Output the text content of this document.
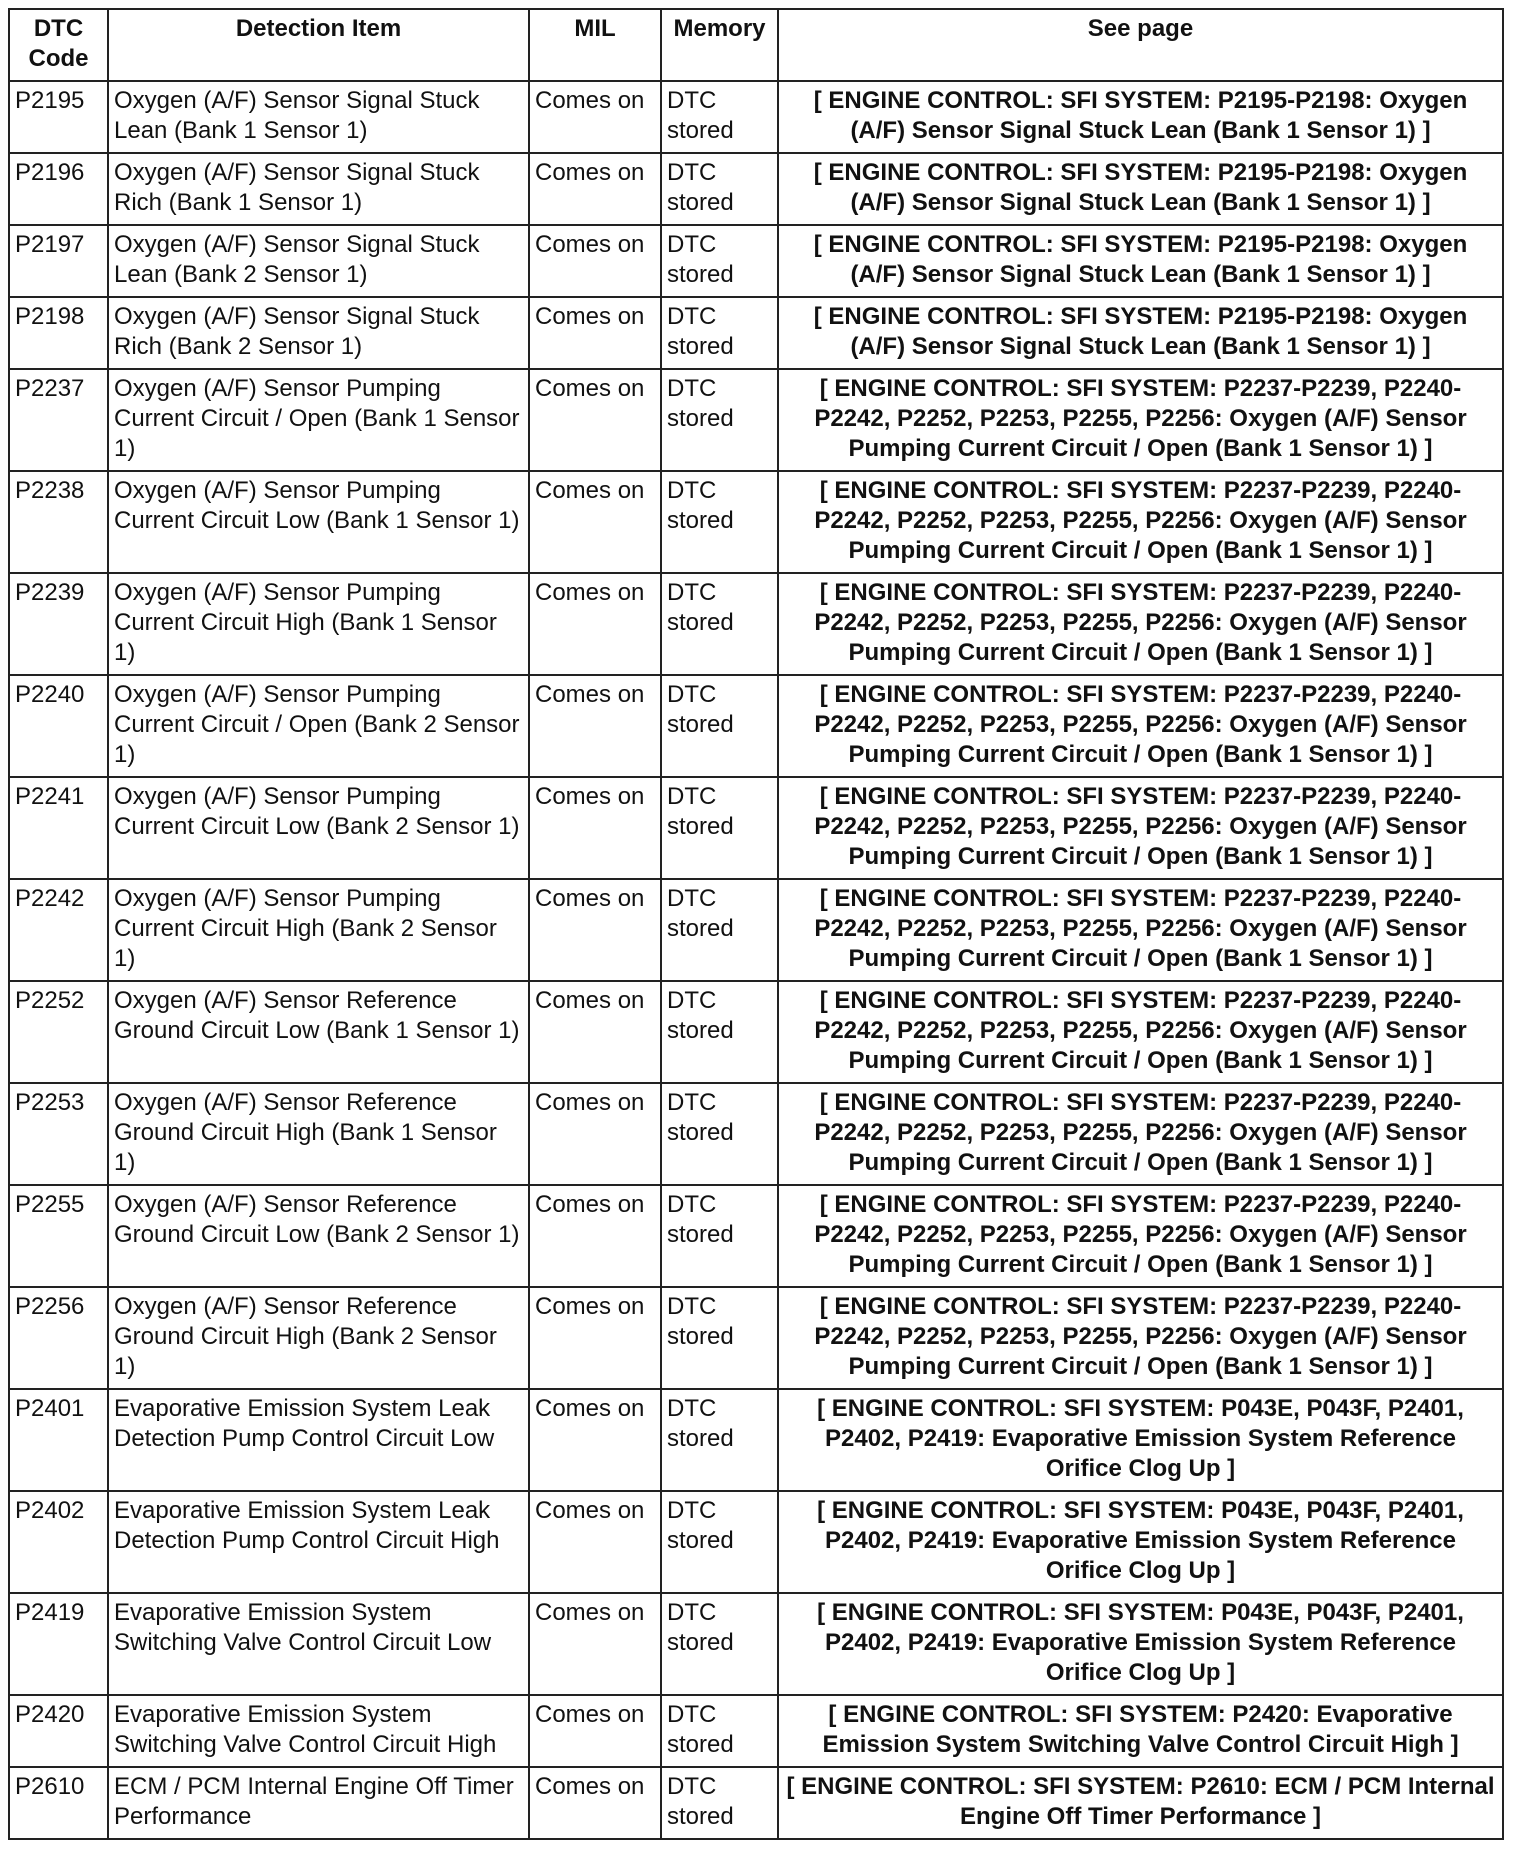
DTC Code	Detection Item	MIL	Memory	See page
P2195	Oxygen (A/F) Sensor Signal Stuck Lean (Bank 1 Sensor 1)	Comes on	DTC stored	[ ENGINE CONTROL: SFI SYSTEM: P2195-P2198: Oxygen (A/F) Sensor Signal Stuck Lean (Bank 1 Sensor 1) ]
P2196	Oxygen (A/F) Sensor Signal Stuck Rich (Bank 1 Sensor 1)	Comes on	DTC stored	[ ENGINE CONTROL: SFI SYSTEM: P2195-P2198: Oxygen (A/F) Sensor Signal Stuck Lean (Bank 1 Sensor 1) ]
P2197	Oxygen (A/F) Sensor Signal Stuck Lean (Bank 2 Sensor 1)	Comes on	DTC stored	[ ENGINE CONTROL: SFI SYSTEM: P2195-P2198: Oxygen (A/F) Sensor Signal Stuck Lean (Bank 1 Sensor 1) ]
P2198	Oxygen (A/F) Sensor Signal Stuck Rich (Bank 2 Sensor 1)	Comes on	DTC stored	[ ENGINE CONTROL: SFI SYSTEM: P2195-P2198: Oxygen (A/F) Sensor Signal Stuck Lean (Bank 1 Sensor 1) ]
P2237	Oxygen (A/F) Sensor Pumping Current Circuit / Open (Bank 1 Sensor 1)	Comes on	DTC stored	[ ENGINE CONTROL: SFI SYSTEM: P2237-P2239, P2240-P2242, P2252, P2253, P2255, P2256: Oxygen (A/F) Sensor Pumping Current Circuit / Open (Bank 1 Sensor 1) ]
P2238	Oxygen (A/F) Sensor Pumping Current Circuit Low (Bank 1 Sensor 1)	Comes on	DTC stored	[ ENGINE CONTROL: SFI SYSTEM: P2237-P2239, P2240-P2242, P2252, P2253, P2255, P2256: Oxygen (A/F) Sensor Pumping Current Circuit / Open (Bank 1 Sensor 1) ]
P2239	Oxygen (A/F) Sensor Pumping Current Circuit High (Bank 1 Sensor 1)	Comes on	DTC stored	[ ENGINE CONTROL: SFI SYSTEM: P2237-P2239, P2240-P2242, P2252, P2253, P2255, P2256: Oxygen (A/F) Sensor Pumping Current Circuit / Open (Bank 1 Sensor 1) ]
P2240	Oxygen (A/F) Sensor Pumping Current Circuit / Open (Bank 2 Sensor 1)	Comes on	DTC stored	[ ENGINE CONTROL: SFI SYSTEM: P2237-P2239, P2240-P2242, P2252, P2253, P2255, P2256: Oxygen (A/F) Sensor Pumping Current Circuit / Open (Bank 1 Sensor 1) ]
P2241	Oxygen (A/F) Sensor Pumping Current Circuit Low (Bank 2 Sensor 1)	Comes on	DTC stored	[ ENGINE CONTROL: SFI SYSTEM: P2237-P2239, P2240-P2242, P2252, P2253, P2255, P2256: Oxygen (A/F) Sensor Pumping Current Circuit / Open (Bank 1 Sensor 1) ]
P2242	Oxygen (A/F) Sensor Pumping Current Circuit High (Bank 2 Sensor 1)	Comes on	DTC stored	[ ENGINE CONTROL: SFI SYSTEM: P2237-P2239, P2240-P2242, P2252, P2253, P2255, P2256: Oxygen (A/F) Sensor Pumping Current Circuit / Open (Bank 1 Sensor 1) ]
P2252	Oxygen (A/F) Sensor Reference Ground Circuit Low (Bank 1 Sensor 1)	Comes on	DTC stored	[ ENGINE CONTROL: SFI SYSTEM: P2237-P2239, P2240-P2242, P2252, P2253, P2255, P2256: Oxygen (A/F) Sensor Pumping Current Circuit / Open (Bank 1 Sensor 1) ]
P2253	Oxygen (A/F) Sensor Reference Ground Circuit High (Bank 1 Sensor 1)	Comes on	DTC stored	[ ENGINE CONTROL: SFI SYSTEM: P2237-P2239, P2240-P2242, P2252, P2253, P2255, P2256: Oxygen (A/F) Sensor Pumping Current Circuit / Open (Bank 1 Sensor 1) ]
P2255	Oxygen (A/F) Sensor Reference Ground Circuit Low (Bank 2 Sensor 1)	Comes on	DTC stored	[ ENGINE CONTROL: SFI SYSTEM: P2237-P2239, P2240-P2242, P2252, P2253, P2255, P2256: Oxygen (A/F) Sensor Pumping Current Circuit / Open (Bank 1 Sensor 1) ]
P2256	Oxygen (A/F) Sensor Reference Ground Circuit High (Bank 2 Sensor 1)	Comes on	DTC stored	[ ENGINE CONTROL: SFI SYSTEM: P2237-P2239, P2240-P2242, P2252, P2253, P2255, P2256: Oxygen (A/F) Sensor Pumping Current Circuit / Open (Bank 1 Sensor 1) ]
P2401	Evaporative Emission System Leak Detection Pump Control Circuit Low	Comes on	DTC stored	[ ENGINE CONTROL: SFI SYSTEM: P043E, P043F, P2401, P2402, P2419: Evaporative Emission System Reference Orifice Clog Up ]
P2402	Evaporative Emission System Leak Detection Pump Control Circuit High	Comes on	DTC stored	[ ENGINE CONTROL: SFI SYSTEM: P043E, P043F, P2401, P2402, P2419: Evaporative Emission System Reference Orifice Clog Up ]
P2419	Evaporative Emission System Switching Valve Control Circuit Low	Comes on	DTC stored	[ ENGINE CONTROL: SFI SYSTEM: P043E, P043F, P2401, P2402, P2419: Evaporative Emission System Reference Orifice Clog Up ]
P2420	Evaporative Emission System Switching Valve Control Circuit High	Comes on	DTC stored	[ ENGINE CONTROL: SFI SYSTEM: P2420: Evaporative Emission System Switching Valve Control Circuit High ]
P2610	ECM / PCM Internal Engine Off Timer Performance	Comes on	DTC stored	[ ENGINE CONTROL: SFI SYSTEM: P2610: ECM / PCM Internal Engine Off Timer Performance ]
